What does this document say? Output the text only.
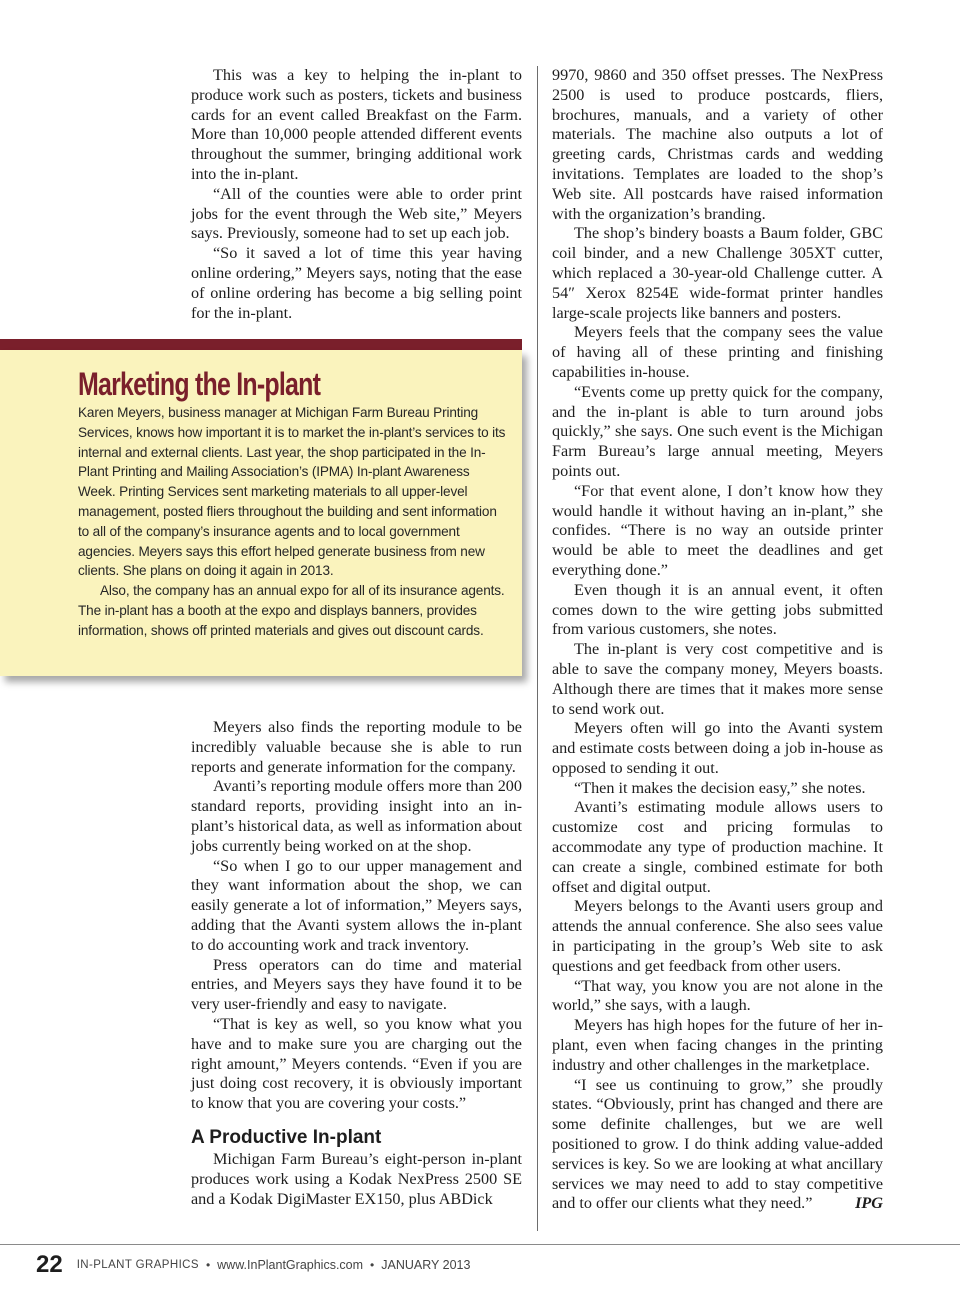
This was a key to helping the in-plant to produce work such as posters, tickets and business cards for an event called Breakfast on the Farm. More than 10,000 people attended different events throughout the summer, bringing additional work into the in-plant.

“All of the counties were able to order print jobs for the event through the Web site,” Meyers says. Previously, someone had to set up each job.

“So it saved a lot of time this year having online ordering,” Meyers says, noting that the ease of online ordering has become a big selling point for the in-plant.

Marketing the In-plant

Karen Meyers, business manager at Michigan Farm Bureau Printing Services, knows how important it is to market the in-plant’s services to its internal and external clients. Last year, the shop participated in the In-Plant Printing and Mailing Association’s (IPMA) In-plant Awareness Week. Printing Services sent marketing materials to all upper-level management, posted fliers throughout the building and sent information to all of the company’s insurance agents and to local government agencies. Meyers says this effort helped generate business from new clients. She plans on doing it again in 2013.

Also, the company has an annual expo for all of its insurance agents. The in-plant has a booth at the expo and displays banners, provides information, shows off printed materials and gives out discount cards.

Meyers also finds the reporting module to be incredibly valuable because she is able to run reports and generate information for the company.

Avanti’s reporting module offers more than 200 standard reports, providing insight into an in-plant’s historical data, as well as information about jobs currently being worked on at the shop.

“So when I go to our upper management and they want information about the shop, we can easily generate a lot of information,” Meyers says, adding that the Avanti system allows the in-plant to do accounting work and track inventory.

Press operators can do time and material entries, and Meyers says they have found it to be very user-friendly and easy to navigate.

“That is key as well, so you know what you have and to make sure you are charging out the right amount,” Meyers contends. “Even if you are just doing cost recovery, it is obviously important to know that you are covering your costs.”

A Productive In-plant

Michigan Farm Bureau’s eight-person in-plant produces work using a Kodak NexPress 2500 SE and a Kodak DigiMaster EX150, plus ABDick

9970, 9860 and 350 offset presses. The NexPress 2500 is used to produce postcards, fliers, brochures, manuals, and a variety of other materials. The machine also outputs a lot of greeting cards, Christmas cards and wedding invitations. Templates are loaded to the shop’s Web site. All postcards have raised information with the organization’s branding.

The shop’s bindery boasts a Baum folder, GBC coil binder, and a new Challenge 305XT cutter, which replaced a 30-year-old Challenge cutter. A 54″ Xerox 8254E wide-format printer handles large-scale projects like banners and posters.

Meyers feels that the company sees the value of having all of these printing and finishing capabilities in-house.

“Events come up pretty quick for the company, and the in-plant is able to turn around jobs quickly,” she says. One such event is the Michigan Farm Bureau’s large annual meeting, Meyers points out.

“For that event alone, I don’t know how they would handle it without having an in-plant,” she confides. “There is no way an outside printer would be able to meet the deadlines and get everything done.”

Even though it is an annual event, it often comes down to the wire getting jobs submitted from various customers, she notes.

The in-plant is very cost competitive and is able to save the company money, Meyers boasts. Although there are times that it makes more sense to send work out.

Meyers often will go into the Avanti system and estimate costs between doing a job in-house as opposed to sending it out.

“Then it makes the decision easy,” she notes.

Avanti’s estimating module allows users to customize cost and pricing formulas to accommodate any type of production machine. It can create a single, combined estimate for both offset and digital output.

Meyers belongs to the Avanti users group and attends the annual conference. She also sees value in participating in the group’s Web site to ask questions and get feedback from other users.

“That way, you know you are not alone in the world,” she says, with a laugh.

Meyers has high hopes for the future of her in-plant, even when facing changes in the printing industry and other challenges in the marketplace.

“I see us continuing to grow,” she proudly states. “Obviously, print has changed and there are some definite challenges, but we are well positioned to grow. I do think adding value-added services is key. So we are looking at what ancillary services we may need to add to stay competitive and to offer our clients what they need.”	IPG

22 IN-PLANT GRAPHICS • www.InPlantGraphics.com • JANUARY 2013
